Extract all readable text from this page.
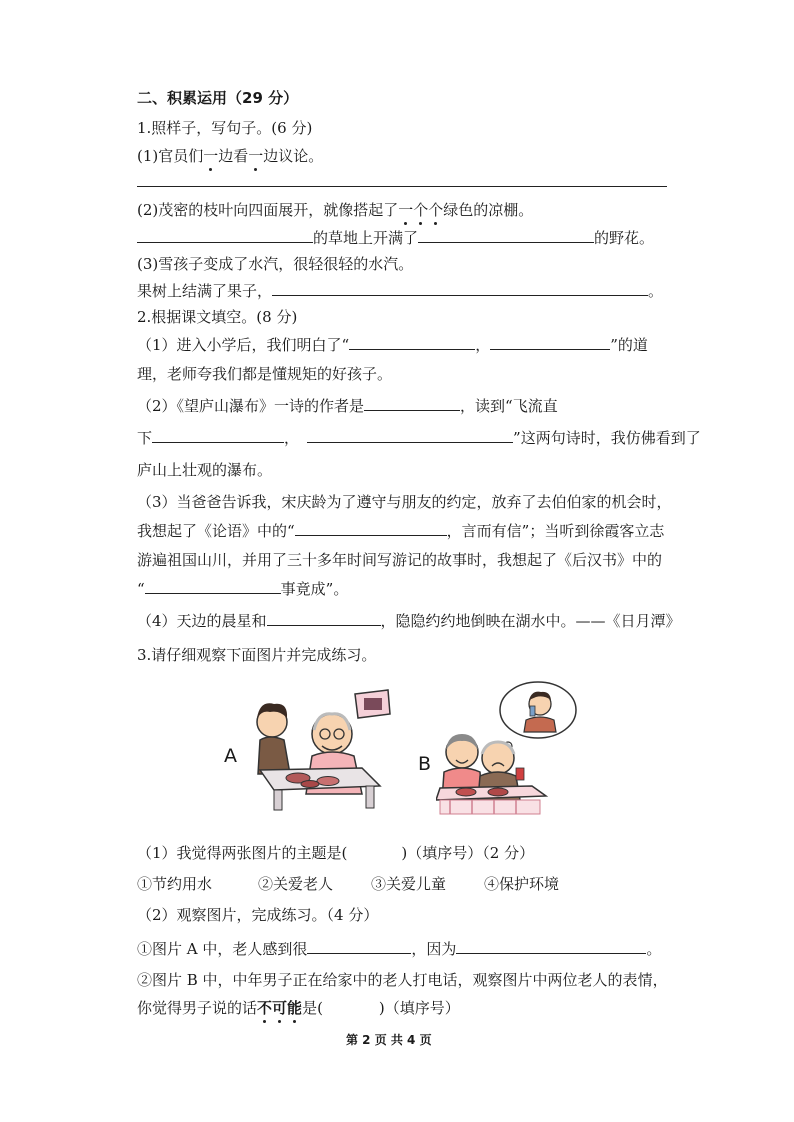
二、积累运用（29 分）
1.照样子，写句子。(6 分)
(1)官员们一边看一边议论。
(2)茂密的枝叶向四面展开，就像搭起了一个个绿色的凉棚。
的草地上开满了	的野花。
(3)雪孩子变成了水汽，很轻很轻的水汽。
果树上结满了果子，	。
2.根据课文填空。(8 分)
（1）进入小学后，我们明白了“	，	”的道
理，老师夸我们都是懂规矩的好孩子。
（2）《望庐山瀑布》一诗的作者是	，读到“飞流直
下	，	”这两句诗时，我仿佛看到了
庐山上壮观的瀑布。
（3）当爸爸告诉我，宋庆龄为了遵守与朋友的约定，放弃了去伯伯家的机会时，
我想起了《论语》中的“	，言而有信”；当听到徐霞客立志
游遍祖国山川，并用了三十多年时间写游记的故事时，我想起了《后汉书》中的
“	事竟成”。
（4）天边的晨星和	，隐隐约约地倒映在湖水中。——《日月潭》
3.请仔细观察下面图片并完成练习。
A	B
（1）我觉得两张图片的主题是(	)（填序号）（2 分）
①节约用水	②关爱老人	③关爱儿童	④保护环境
（2）观察图片，完成练习。（4 分）
①图片 A 中，老人感到很	，因为	。
②图片 B 中，中年男子正在给家中的老人打电话，观察图片中两位老人的表情，
你觉得男子说的话不可能是(	)（填序号）
第 2 页 共 4 页
